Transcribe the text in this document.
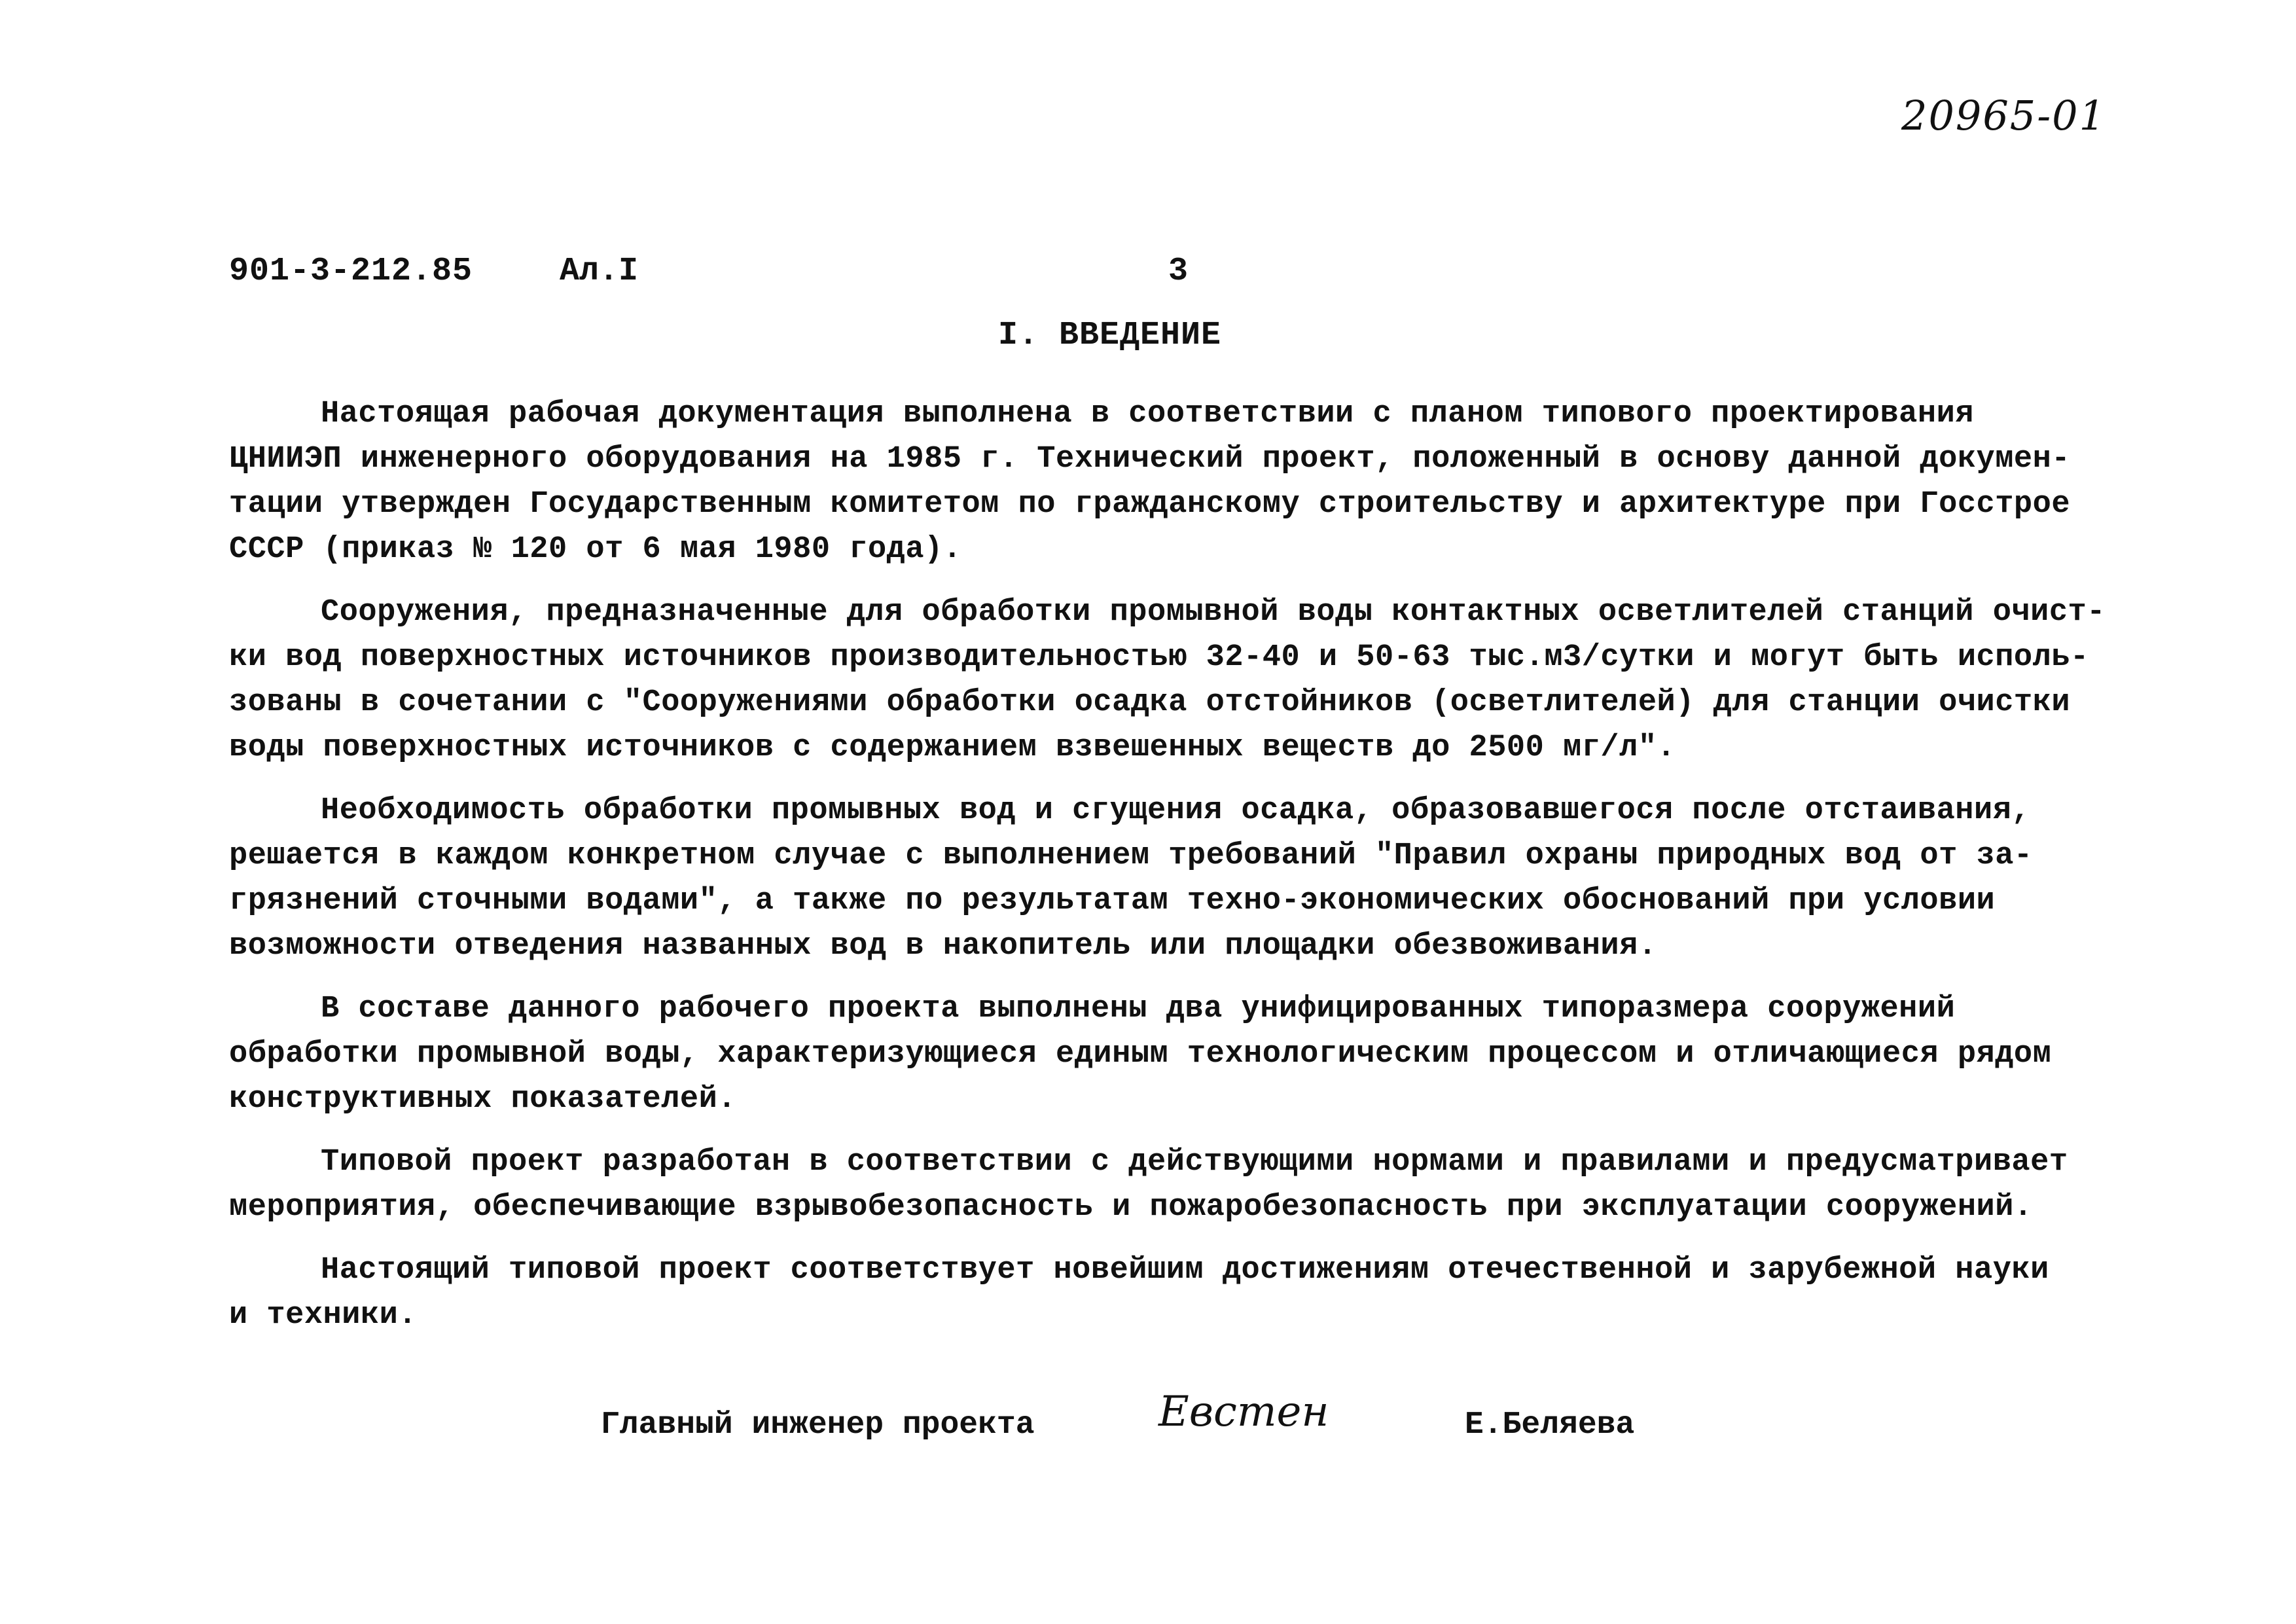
20965-01
901-3-212.85	Ал.I	3
I. ВВЕДЕНИЕ
Настоящая рабочая документация выполнена в соответствии с планом типового проектирования
ЦНИИЭП инженерного оборудования на 1985 г. Технический проект, положенный в основу данной докумен-
тации утвержден Государственным комитетом по гражданскому строительству и архитектуре при Госстрое
СССР (приказ № 120 от 6 мая 1980 года).
Сооружения, предназначенные для обработки промывной воды контактных осветлителей станций очист-
ки вод поверхностных источников производительностью 32-40 и 50-63 тыс.м3/сутки и могут быть исполь-
зованы в сочетании с "Сооружениями обработки осадка отстойников (осветлителей) для станции очистки
воды поверхностных источников с содержанием взвешенных веществ до 2500 мг/л".
Необходимость обработки промывных вод и сгущения осадка, образовавшегося после отстаивания,
решается в каждом конкретном случае с выполнением требований "Правил охраны природных вод от за-
грязнений сточными водами", а также по результатам техно-экономических обоснований при условии
возможности отведения названных вод в накопитель или площадки обезвоживания.
В составе данного рабочего проекта выполнены два унифицированных типоразмера сооружений
обработки промывной воды, характеризующиеся единым технологическим процессом и отличающиеся рядом
конструктивных показателей.
Типовой проект разработан в соответствии с действующими нормами и правилами и предусматривает
мероприятия, обеспечивающие взрывобезопасность и пожаробезопасность при эксплуатации сооружений.
Настоящий типовой проект соответствует новейшим достижениям отечественной и зарубежной науки
и техники.
Главный инженер проекта	Евстен	Е.Беляева
